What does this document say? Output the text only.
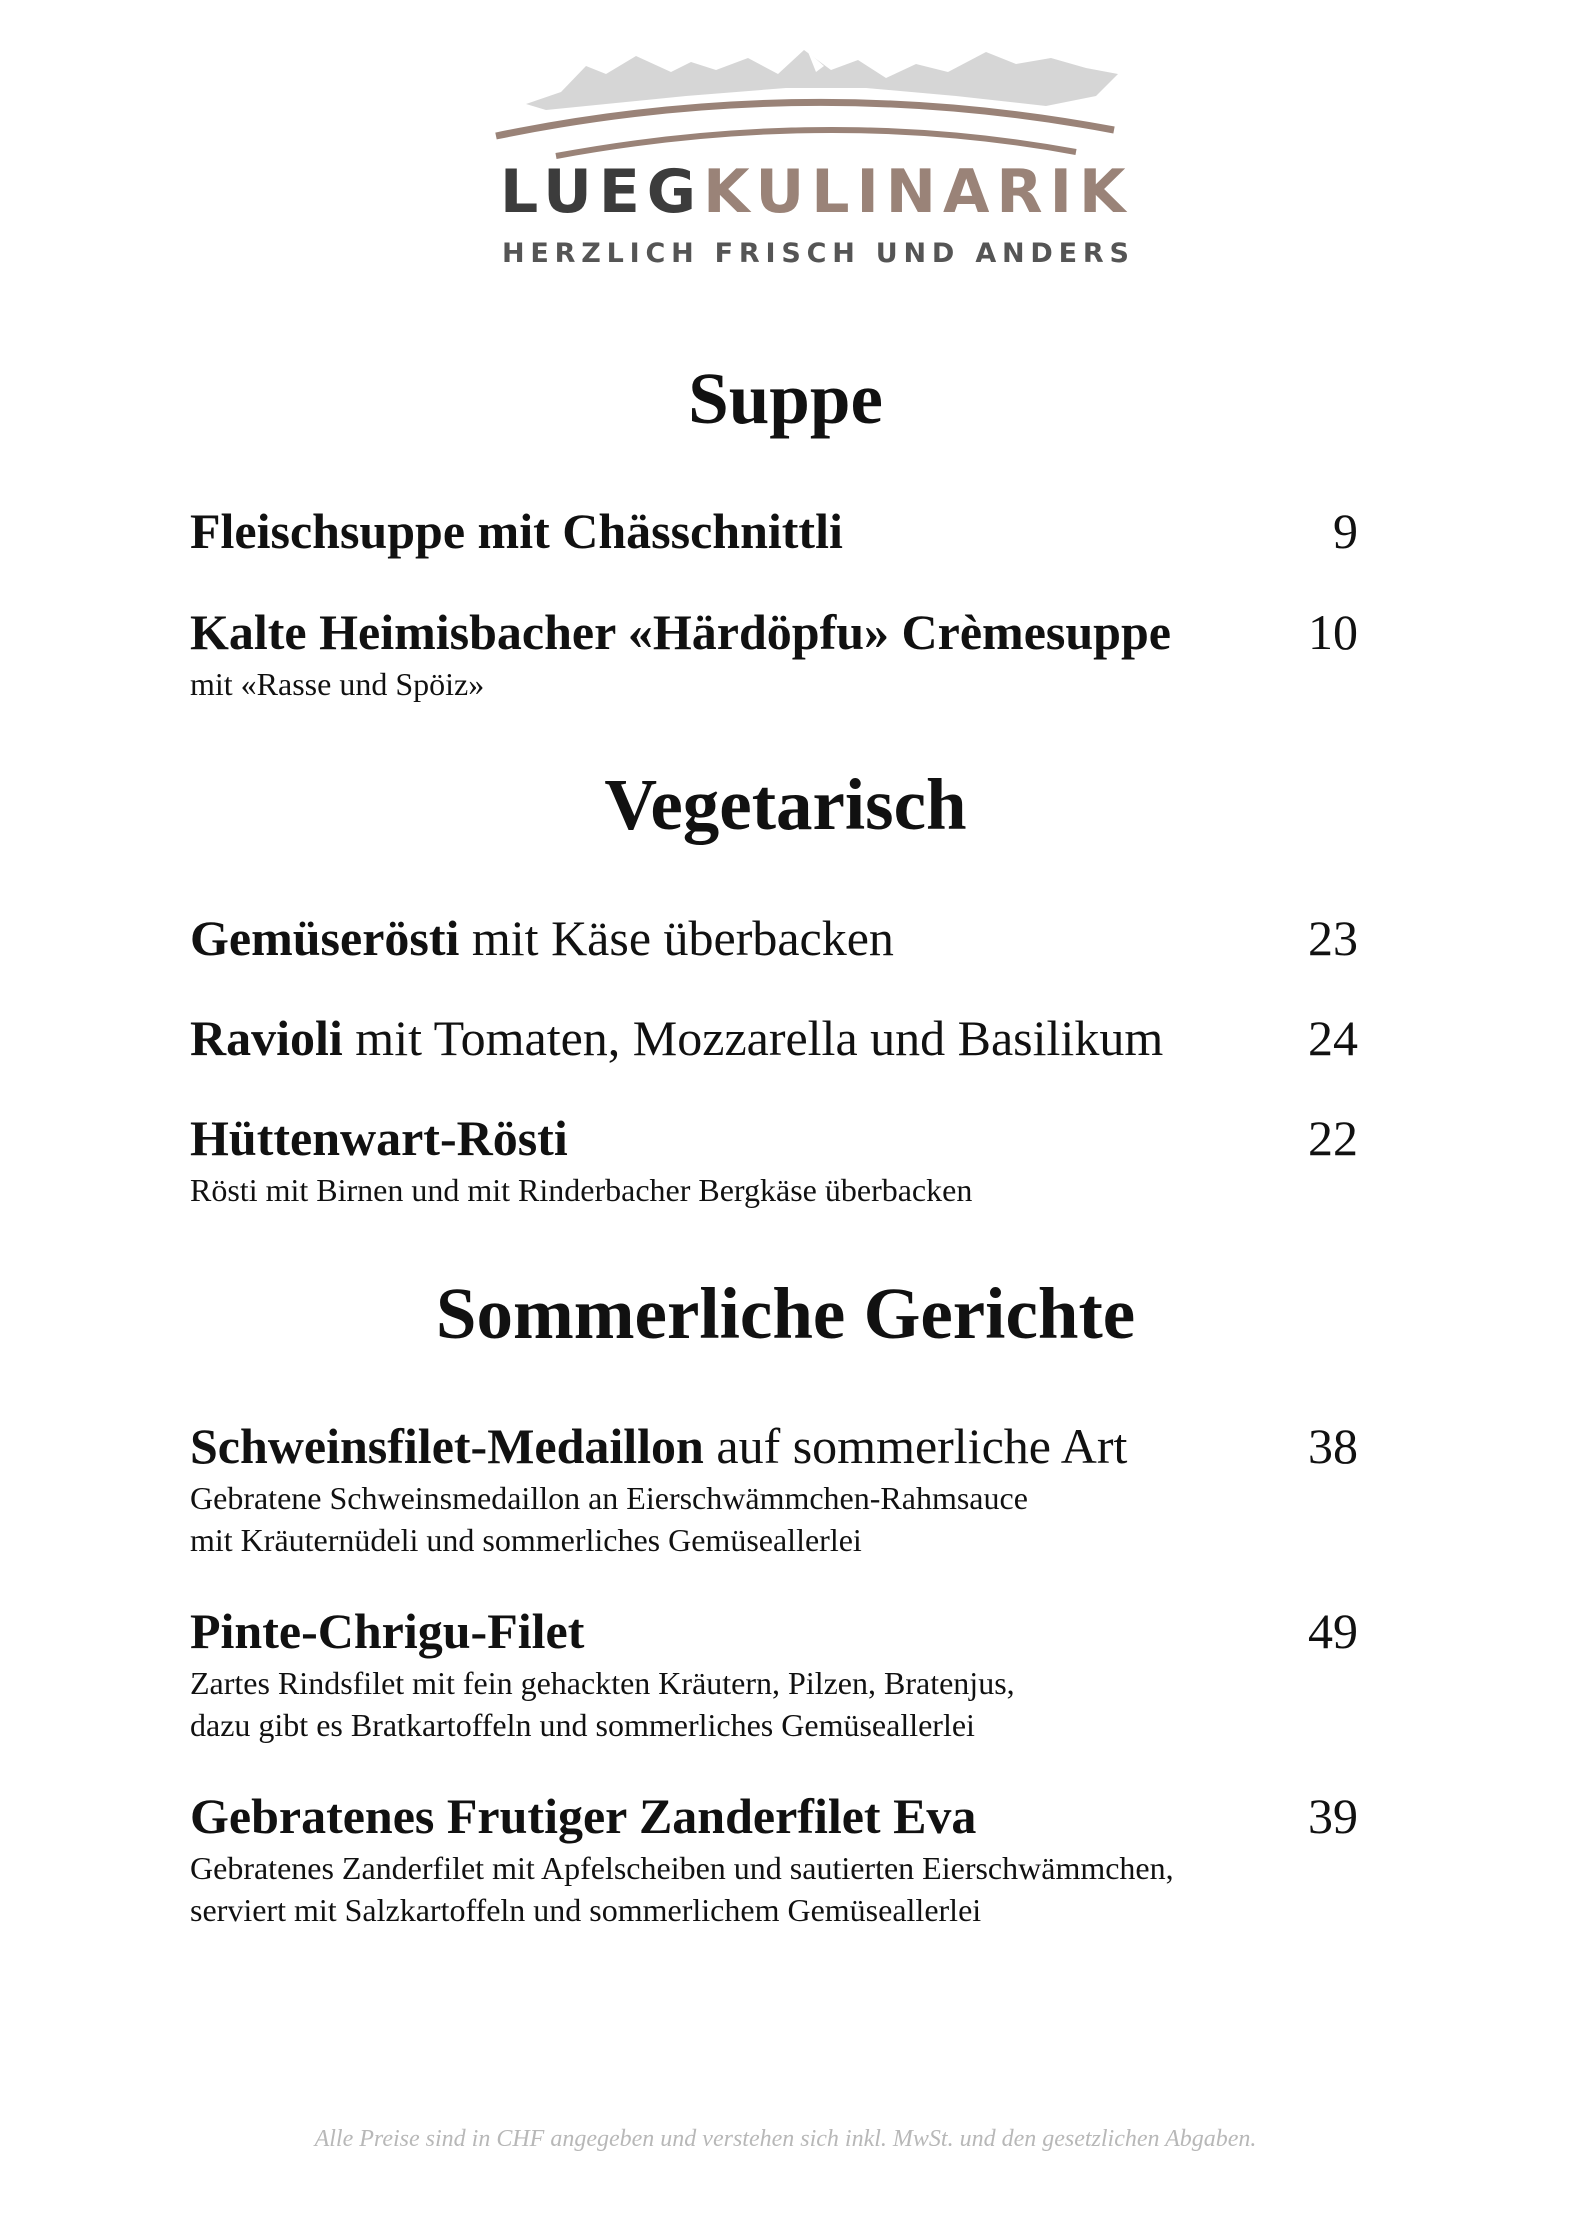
LUEGKULINARIK
HERZLICH FRISCH UND ANDERS
Suppe
Fleischsuppe mit Chässchnittli	9
Kalte Heimisbacher «Härdöpfu» Crèmesuppe	10
mit «Rasse und Spöiz»
Vegetarisch
Gemüserösti mit Käse überbacken	23
Ravioli mit Tomaten, Mozzarella und Basilikum	24
Hüttenwart-Rösti	22
Rösti mit Birnen und mit Rinderbacher Bergkäse überbacken
Sommerliche Gerichte
Schweinsfilet-Medaillon auf sommerliche Art	38
Gebratene Schweinsmedaillon an Eierschwämmchen-Rahmsauce
mit Kräuternüdeli und sommerliches Gemüseallerlei
Pinte-Chrigu-Filet	49
Zartes Rindsfilet mit fein gehackten Kräutern, Pilzen, Bratenjus,
dazu gibt es Bratkartoffeln und sommerliches Gemüseallerlei
Gebratenes Frutiger Zanderfilet Eva	39
Gebratenes Zanderfilet mit Apfelscheiben und sautierten Eierschwämmchen,
serviert mit Salzkartoffeln und sommerlichem Gemüseallerlei
Alle Preise sind in CHF angegeben und verstehen sich inkl. MwSt. und den gesetzlichen Abgaben.
